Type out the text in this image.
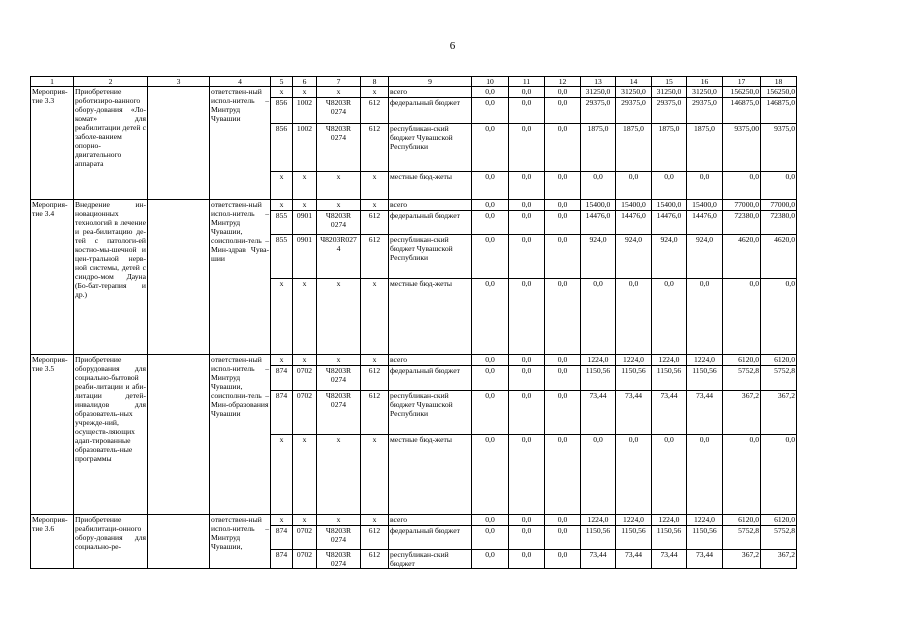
6
1	2	3	4	5	6	7	8	9	10	11	12	13	14	15	16	17	18
Мероприя-тие 3.3	Приобретение роботизиро-ванного обору-дования «Ло-комат» для реабилитации детей с заболе-ванием опорно-двигательного аппарата		ответствен-ный испол-нитель – Минтруд Чувашии	x	x	x	x	всего	0,0	0,0	0,0	31250,0	31250,0	31250,0	31250,0	156250,0	156250,0
				856	1002	Ч8203R 0274	612	федеральный бюджет	0,0	0,0	0,0	29375,0	29375,0	29375,0	29375,0	146875,0	146875,0
				856	1002	Ч8203R 0274	612	республикан-ский бюджет Чувашской Республики	0,0	0,0	0,0	1875,0	1875,0	1875,0	1875,0	9375,00	9375,0
				x	x	x	x	местные бюд-жеты	0,0	0,0	0,0	0,0	0,0	0,0	0,0	0,0	0,0
Мероприя-тие 3.4	Внедрение ин-новационных технологий в лечение и реа-билитацию де-тей с патологи-ей костно-мы-шечной и цен-тральной нерв-ной системы, детей с синдро-мом Дауна (Бо-бат-терапия и др.)		ответствен-ный испол-нитель – Минтруд Чувашии, соисполни-тель – Мин-здрав Чува-шии	x	x	x	x	всего	0,0	0,0	0,0	15400,0	15400,0	15400,0	15400,0	77000,0	77000,0
				855	0901	Ч8203R 0274	612	федеральный бюджет	0,0	0,0	0,0	14476,0	14476,0	14476,0	14476,0	72380,0	72380,0
				855	0901	Ч8203R027 4	612	республикан-ский бюджет Чувашской Республики	0,0	0,0	0,0	924,0	924,0	924,0	924,0	4620,0	4620,0
				x	x	x	x	местные бюд-жеты	0,0	0,0	0,0	0,0	0,0	0,0	0,0	0,0	0,0
Мероприя-тие 3.5	Приобретение оборудования для социально-бытовой реаби-литации и аби-литации детей-инвалидов для образователь-ных учрежде-ний, осуществ-ляющих адап-тированные образователь-ные программы		ответствен-ный испол-нитель – Минтруд Чувашии, соисполни-тель – Мин-образования Чувашии	x	x	x	x	всего	0,0	0,0	0,0	1224,0	1224,0	1224,0	1224,0	6120,0	6120,0
				874	0702	Ч8203R 0274	612	федеральный бюджет	0,0	0,0	0,0	1150,56	1150,56	1150,56	1150,56	5752,8	5752,8
				874	0702	Ч8203R 0274	612	республикан-ский бюджет Чувашской Республики	0,0	0,0	0,0	73,44	73,44	73,44	73,44	367,2	367,2
				x	x	x	x	местные бюд-жеты	0,0	0,0	0,0	0,0	0,0	0,0	0,0	0,0	0,0
Мероприя-тие 3.6	Приобретение реабилитаци-онного обору-дования для социально-ре-		ответствен-ный испол-нитель – Минтруд Чувашии,	x	x	x	x	всего	0,0	0,0	0,0	1224,0	1224,0	1224,0	1224,0	6120,0	6120,0
				874	0702	Ч8203R 0274	612	федеральный бюджет	0,0	0,0	0,0	1150,56	1150,56	1150,56	1150,56	5752,8	5752,8
				874	0702	Ч8203R 0274	612	республикан-ский бюджет	0,0	0,0	0,0	73,44	73,44	73,44	73,44	367,2	367,2
